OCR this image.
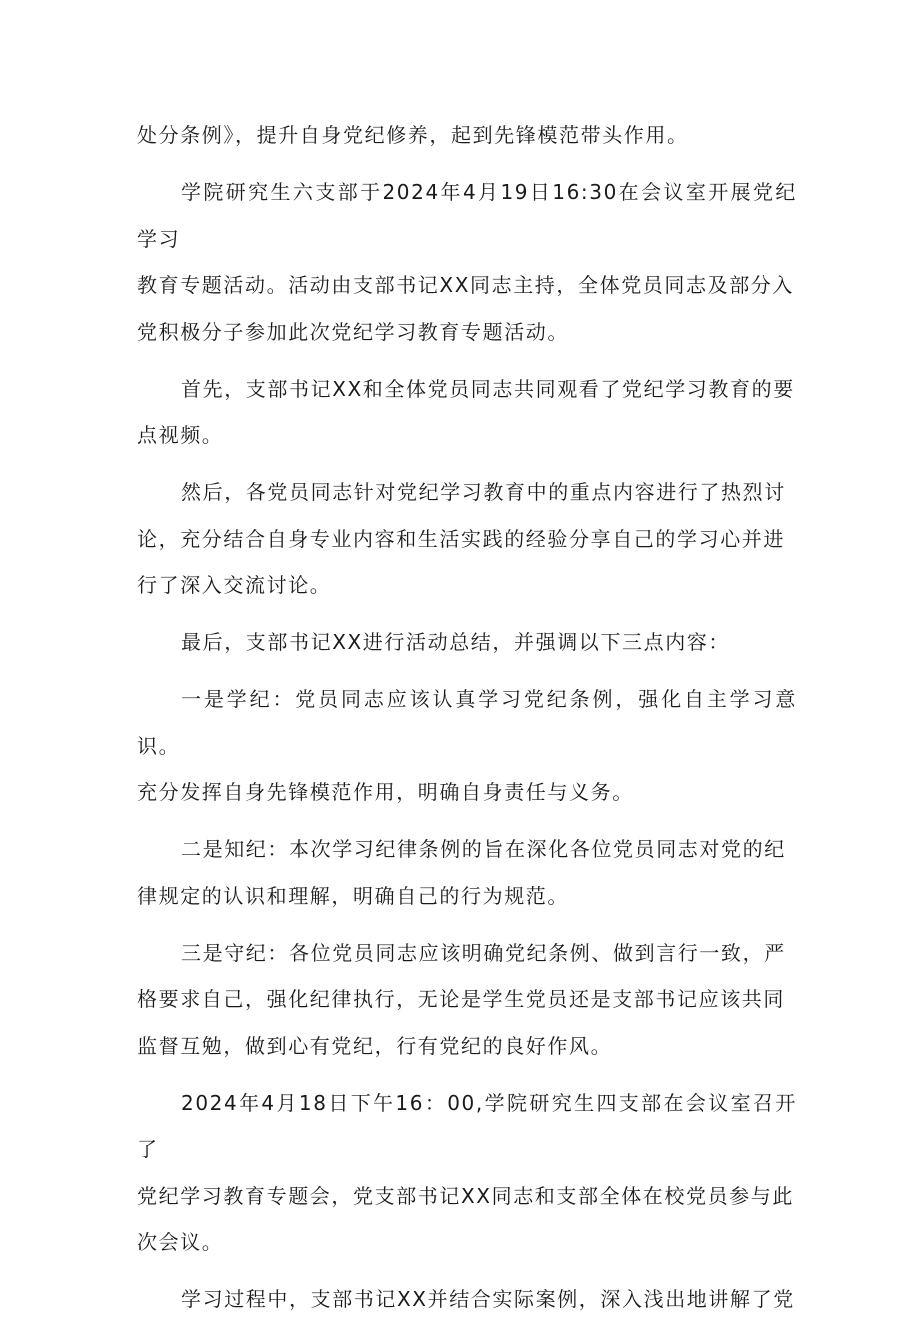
处分条例》，提升自身党纪修养，起到先锋模范带头作用。

学院研究生六支部于2024年4月19日16:30在会议室开展党纪学习
教育专题活动。活动由支部书记XX同志主持，全体党员同志及部分入
党积极分子参加此次党纪学习教育专题活动。

首先，支部书记XX和全体党员同志共同观看了党纪学习教育的要
点视频。

然后，各党员同志针对党纪学习教育中的重点内容进行了热烈讨
论，充分结合自身专业内容和生活实践的经验分享自己的学习心并进
行了深入交流讨论。

最后，支部书记XX进行活动总结，并强调以下三点内容：

一是学纪：党员同志应该认真学习党纪条例，强化自主学习意识。
充分发挥自身先锋模范作用，明确自身责任与义务。

二是知纪：本次学习纪律条例的旨在深化各位党员同志对党的纪
律规定的认识和理解，明确自己的行为规范。

三是守纪：各位党员同志应该明确党纪条例、做到言行一致，严
格要求自己，强化纪律执行，无论是学生党员还是支部书记应该共同
监督互勉，做到心有党纪，行有党纪的良好作风。

2024年4月18日下午16：00,学院研究生四支部在会议室召开了
党纪学习教育专题会，党支部书记XX同志和支部全体在校党员参与此
次会议。

学习过程中，支部书记XX并结合实际案例，深入浅出地讲解了党
